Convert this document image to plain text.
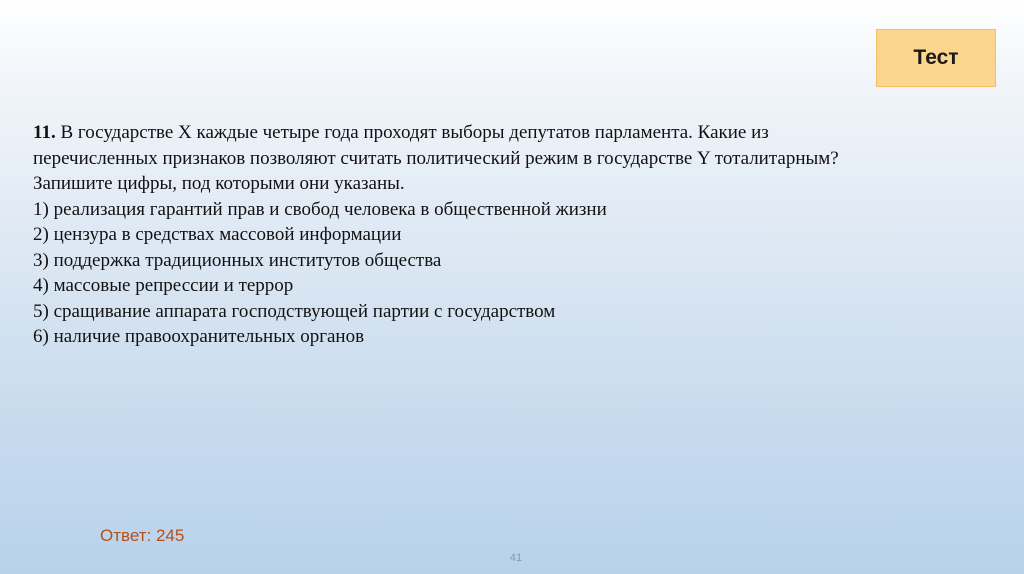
Тест
11. В государстве Х каждые четыре года проходят выборы депутатов парламента. Какие из
перечисленных признаков позволяют считать политический режим в государстве Y тоталитарным?
Запишите цифры, под которыми они указаны.
1) реализация гарантий прав и свобод человека в общественной жизни
2) цензура в средствах массовой информации
3) поддержка традиционных институтов общества
4) массовые репрессии и террор
5) сращивание аппарата господствующей партии с государством
6) наличие правоохранительных органов
Ответ: 245
41
